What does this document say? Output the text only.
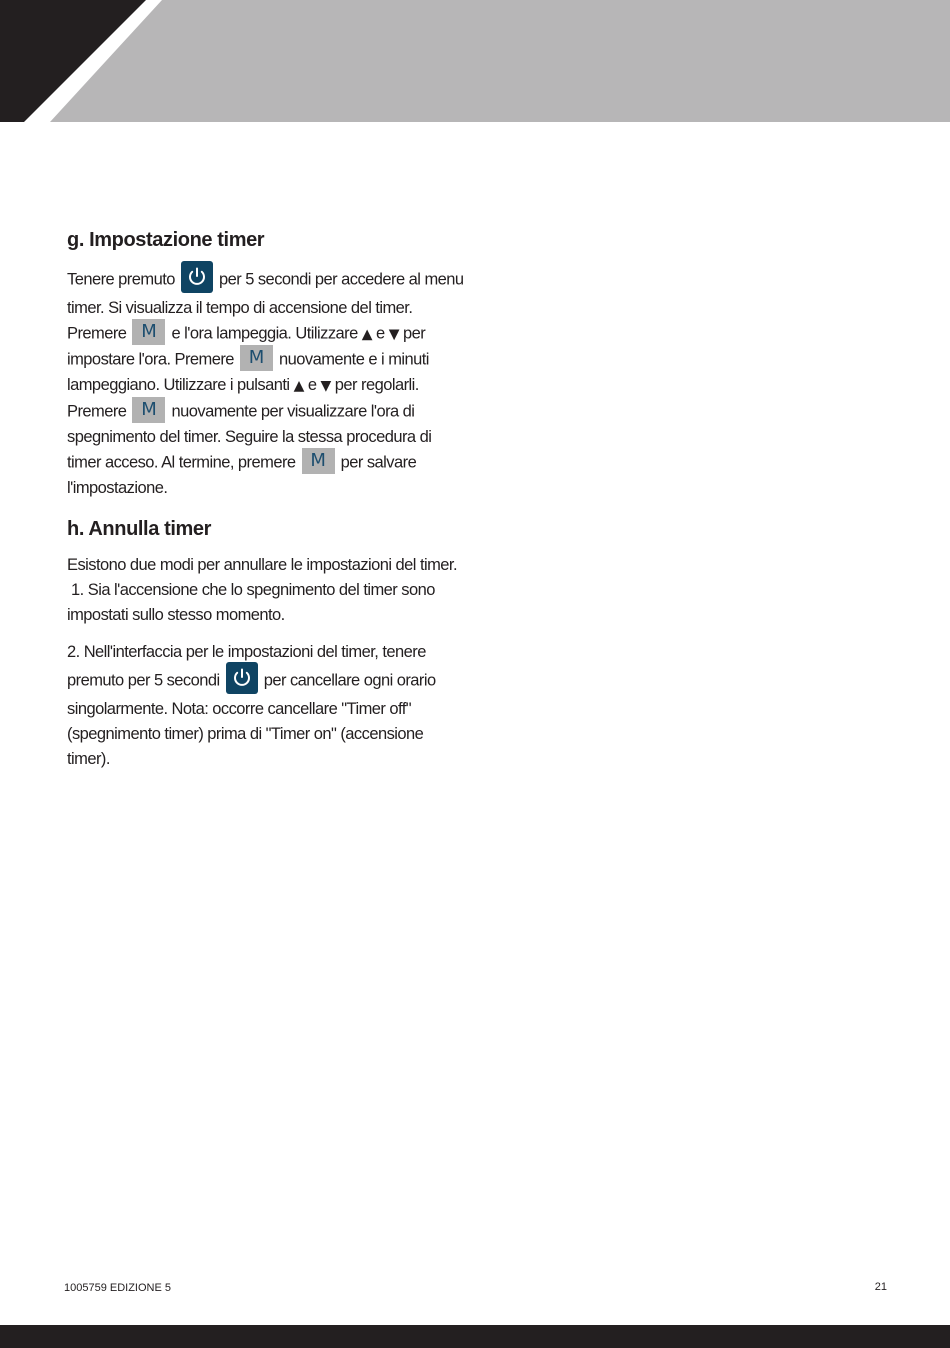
g. Impostazione timer

Tenere premuto	per 5 secondi per accedere al menu timer. Si visualizza il tempo di accensione del timer. Premere M e l'ora lampeggia. Utilizzare ▲ e ▼ per impostare l'ora. Premere M nuovamente e i minuti lampeggiano. Utilizzare i pulsanti ▲ e ▼ per regolarli. Premere M nuovamente per visualizzare l'ora di spegnimento del timer. Seguire la stessa procedura di timer acceso. Al termine, premere M per salvare l'impostazione.

h. Annulla timer

Esistono due modi per annullare le impostazioni del timer.
1. Sia l'accensione che lo spegnimento del timer sono impostati sullo stesso momento.

2. Nell'interfaccia per le impostazioni del timer, tenere premuto per 5 secondi	per cancellare ogni orario singolarmente. Nota: occorre cancellare "Timer off" (spegnimento timer) prima di "Timer on" (accensione timer).

1005759 EDIZIONE 5	21
